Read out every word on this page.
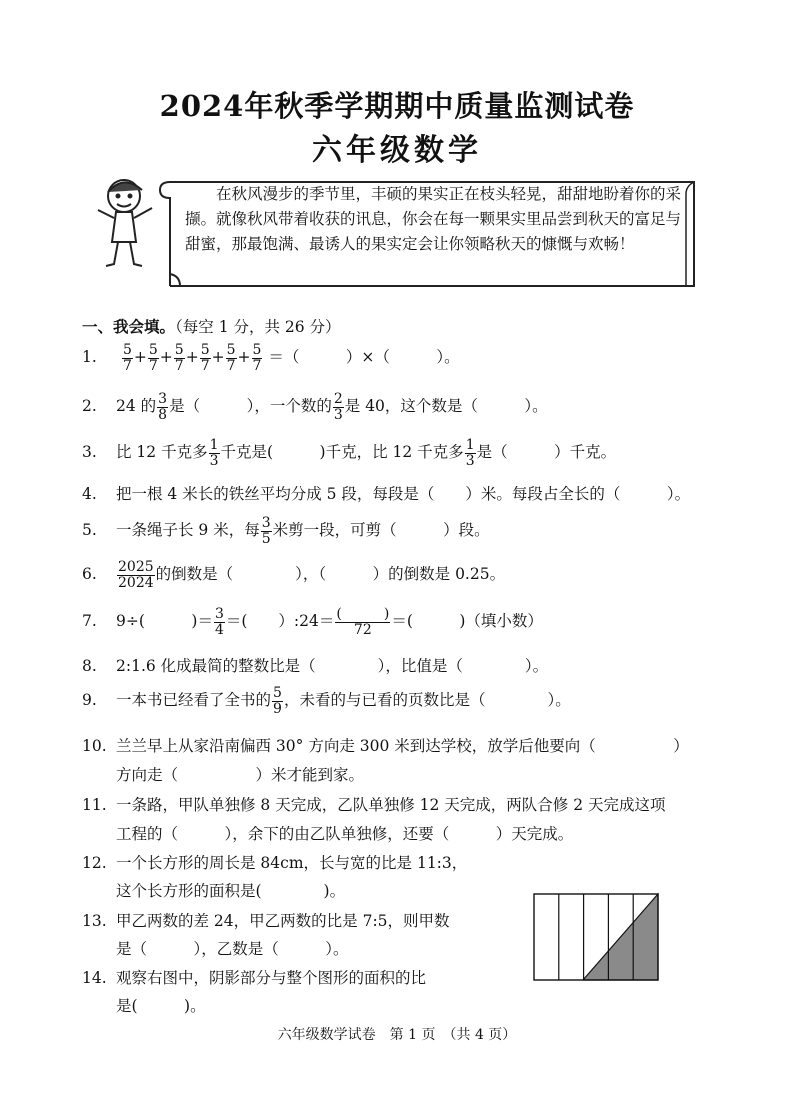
2024年秋季学期期中质量监测试卷
六年级数学
在秋风漫步的季节里，丰硕的果实正在枝头轻晃，甜甜地盼着你的采撷。就像秋风带着收获的讯息，你会在每一颗果实里品尝到秋天的富足与甜蜜，那最饱满、最诱人的果实定会让你领略秋天的慷慨与欢畅！
一、我会填。（每空 1 分，共 26 分）
1. $\frac{5}{7} + \frac{5}{7} + \frac{5}{7} + \frac{5}{7} + \frac{5}{7} + \frac{5}{7}$ ＝（　　　）×（　　　）。
2. 24 的 $\frac{3}{8}$ 是（　　　），一个数的 $\frac{2}{3}$ 是 40，这个数是（　　　）。
3. 比 12 千克多 $\frac{1}{3}$ 千克是(　　　)千克，比 12 千克多 $\frac{1}{3}$ 是（　　　）千克。
4. 把一根 4 米长的铁丝平均分成 5 段，每段是（　　）米。每段占全长的（　　　）。
5. 一条绳子长 9 米，每 $\frac{3}{5}$ 米剪一段，可剪（　　　）段。
6. $\frac{2025}{2024}$ 的倒数是（　　　　），（　　　）的倒数是 0.25。
7. 9÷(　　　)＝ $\frac{3}{4}$ ＝(　　）:24＝ $\frac{( )}{72}$ ＝(　　　)（填小数）
8. 2:1.6 化成最简的整数比是（　　　　），比值是（　　　　）。
9. 一本书已经看了全书的 $\frac{5}{9}$ ，未看的与已看的页数比是（　　　　）。
10. 兰兰早上从家沿南偏西 30° 方向走 300 米到达学校，放学后他要向（　　　　　）
方向走（　　　　　）米才能到家。
11. 一条路，甲队单独修 8 天完成，乙队单独修 12 天完成，两队合修 2 天完成这项
工程的（　　　），余下的由乙队单独修，还要（　　　）天完成。
12. 一个长方形的周长是 84cm，长与宽的比是 11:3，
这个长方形的面积是(　　　　)。
13. 甲乙两数的差 24，甲乙两数的比是 7:5，则甲数
是（　　　），乙数是（　　　）。
14. 观察右图中，阴影部分与整个图形的面积的比
是(　　　)。
六年级数学试卷　第 1 页　（共 4 页）
